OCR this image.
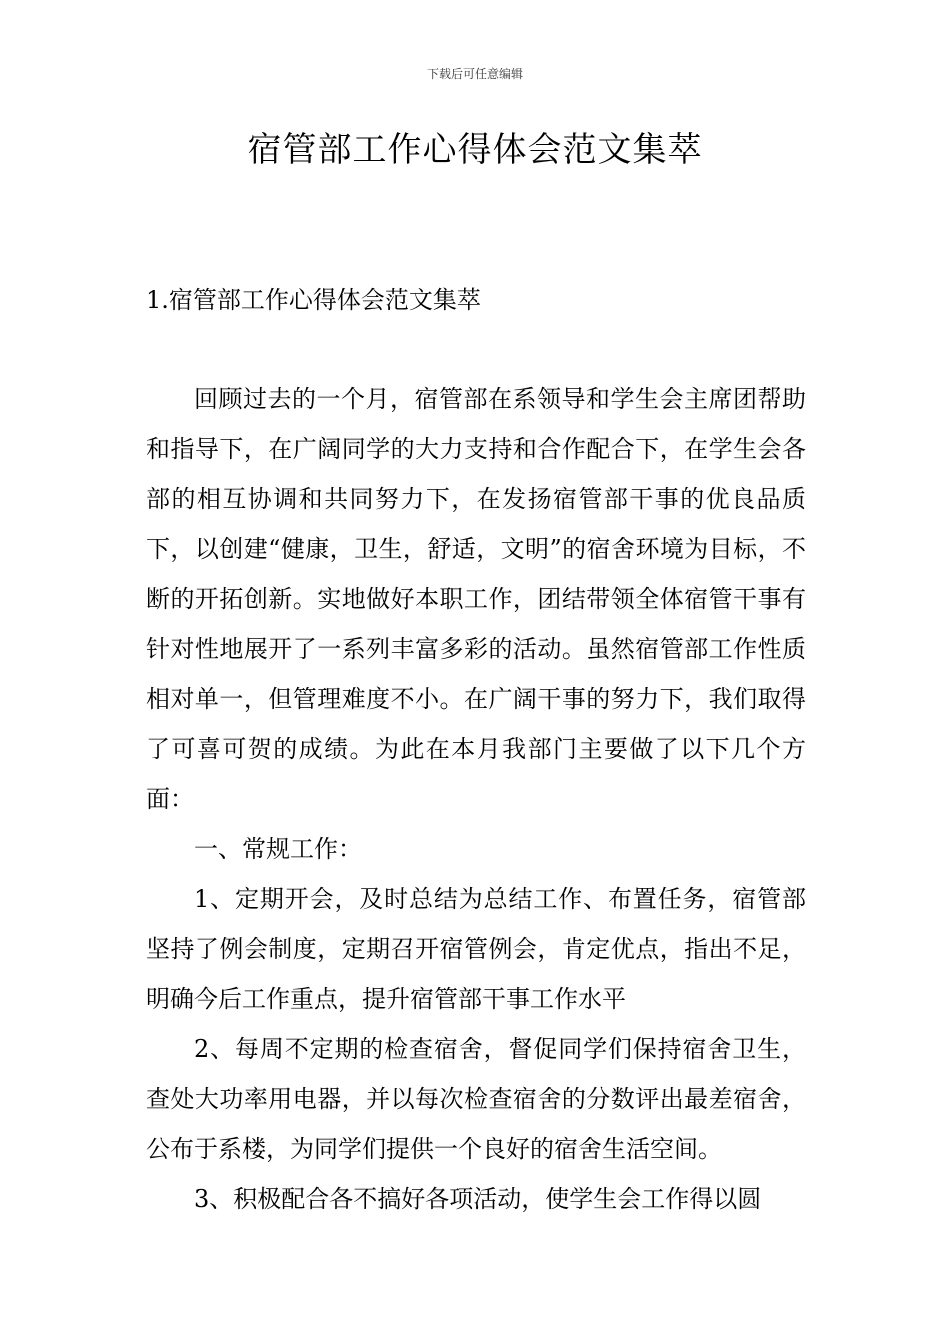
下载后可任意编辑
宿管部工作心得体会范文集萃
1.宿管部工作心得体会范文集萃

回顾过去的一个月，宿管部在系领导和学生会主席团帮助和指导下，在广阔同学的大力支持和合作配合下，在学生会各部的相互协调和共同努力下，在发扬宿管部干事的优良品质下，以创建“健康，卫生，舒适，文明”的宿舍环境为目标，不断的开拓创新。实地做好本职工作，团结带领全体宿管干事有针对性地展开了一系列丰富多彩的活动。虽然宿管部工作性质相对单一，但管理难度不小。在广阔干事的努力下，我们取得了可喜可贺的成绩。为此在本月我部门主要做了以下几个方面：

一、常规工作：

1、定期开会，及时总结为总结工作、布置任务，宿管部坚持了例会制度，定期召开宿管例会，肯定优点，指出不足，明确今后工作重点，提升宿管部干事工作水平

2、每周不定期的检查宿舍，督促同学们保持宿舍卫生，查处大功率用电器，并以每次检查宿舍的分数评出最差宿舍，公布于系楼，为同学们提供一个良好的宿舍生活空间。

3、积极配合各不搞好各项活动，使学生会工作得以圆
